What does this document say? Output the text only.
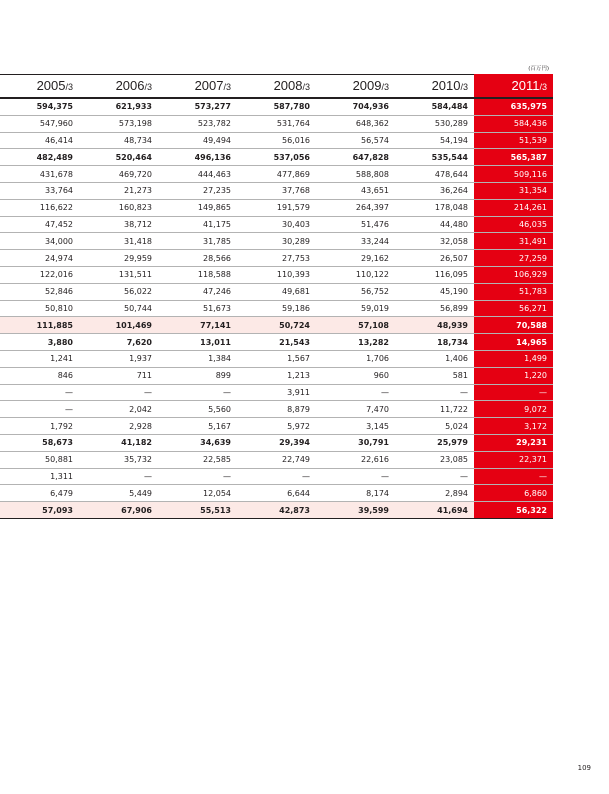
(百万円)
2005/3	2006/3	2007/3	2008/3	2009/3	2010/3	2011/3
594,375	621,933	573,277	587,780	704,936	584,484	635,975
547,960	573,198	523,782	531,764	648,362	530,289	584,436
46,414	48,734	49,494	56,016	56,574	54,194	51,539
482,489	520,464	496,136	537,056	647,828	535,544	565,387
431,678	469,720	444,463	477,869	588,808	478,644	509,116
33,764	21,273	27,235	37,768	43,651	36,264	31,354
116,622	160,823	149,865	191,579	264,397	178,048	214,261
47,452	38,712	41,175	30,403	51,476	44,480	46,035
34,000	31,418	31,785	30,289	33,244	32,058	31,491
24,974	29,959	28,566	27,753	29,162	26,507	27,259
122,016	131,511	118,588	110,393	110,122	116,095	106,929
52,846	56,022	47,246	49,681	56,752	45,190	51,783
50,810	50,744	51,673	59,186	59,019	56,899	56,271
111,885	101,469	77,141	50,724	57,108	48,939	70,588
3,880	7,620	13,011	21,543	13,282	18,734	14,965
1,241	1,937	1,384	1,567	1,706	1,406	1,499
846	711	899	1,213	960	581	1,220
—	—	—	3,911	—	—	—
—	2,042	5,560	8,879	7,470	11,722	9,072
1,792	2,928	5,167	5,972	3,145	5,024	3,172
58,673	41,182	34,639	29,394	30,791	25,979	29,231
50,881	35,732	22,585	22,749	22,616	23,085	22,371
1,311	—	—	—	—	—	—
6,479	5,449	12,054	6,644	8,174	2,894	6,860
57,093	67,906	55,513	42,873	39,599	41,694	56,322
109
